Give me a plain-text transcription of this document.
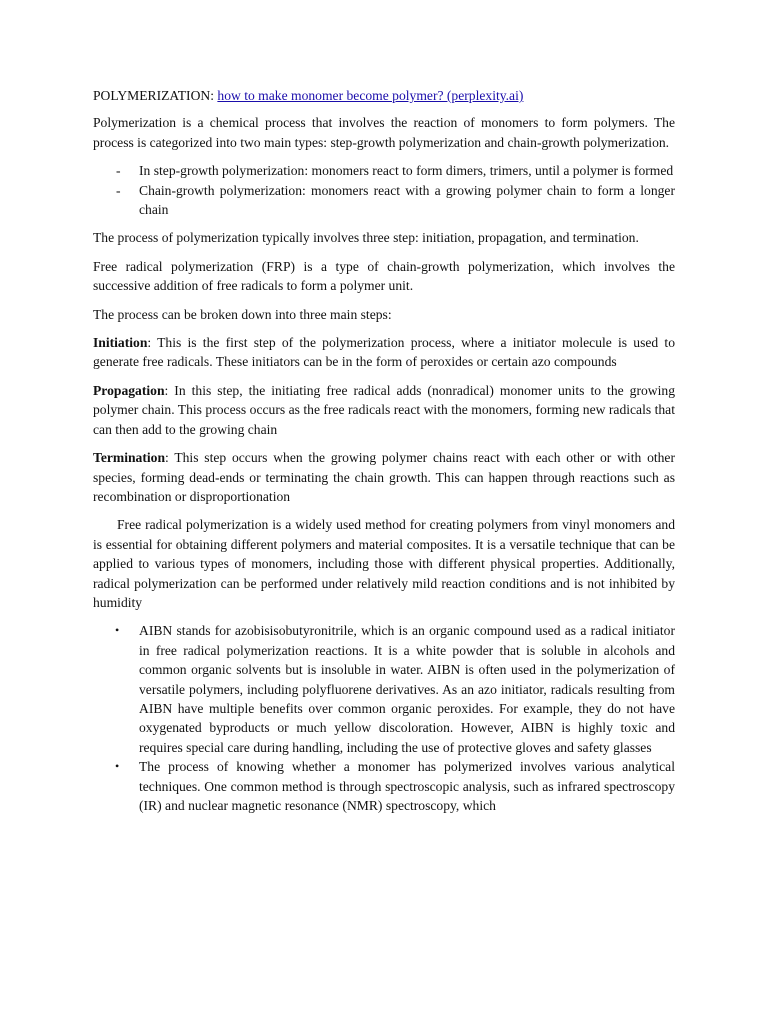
POLYMERIZATION: how to make monomer become polymer? (perplexity.ai)

Polymerization is a chemical process that involves the reaction of monomers to form polymers. The process is categorized into two main types: step-growth polymerization and chain-growth polymerization.

- In step-growth polymerization: monomers react to form dimers, trimers, until a polymer is formed
- Chain-growth polymerization: monomers react with a growing polymer chain to form a longer chain

The process of polymerization typically involves three step: initiation, propagation, and termination.

Free radical polymerization (FRP) is a type of chain-growth polymerization, which involves the successive addition of free radicals to form a polymer unit.

The process can be broken down into three main steps:

Initiation: This is the first step of the polymerization process, where a initiator molecule is used to generate free radicals. These initiators can be in the form of peroxides or certain azo compounds

Propagation: In this step, the initiating free radical adds (nonradical) monomer units to the growing polymer chain. This process occurs as the free radicals react with the monomers, forming new radicals that can then add to the growing chain

Termination: This step occurs when the growing polymer chains react with each other or with other species, forming dead-ends or terminating the chain growth. This can happen through reactions such as recombination or disproportionation

Free radical polymerization is a widely used method for creating polymers from vinyl monomers and is essential for obtaining different polymers and material composites. It is a versatile technique that can be applied to various types of monomers, including those with different physical properties. Additionally, radical polymerization can be performed under relatively mild reaction conditions and is not inhibited by humidity

• AIBN stands for azobisisobutyronitrile, which is an organic compound used as a radical initiator in free radical polymerization reactions. It is a white powder that is soluble in alcohols and common organic solvents but is insoluble in water. AIBN is often used in the polymerization of versatile polymers, including polyfluorene derivatives. As an azo initiator, radicals resulting from AIBN have multiple benefits over common organic peroxides. For example, they do not have oxygenated byproducts or much yellow discoloration. However, AIBN is highly toxic and requires special care during handling, including the use of protective gloves and safety glasses
• The process of knowing whether a monomer has polymerized involves various analytical techniques. One common method is through spectroscopic analysis, such as infrared spectroscopy (IR) and nuclear magnetic resonance (NMR) spectroscopy, which
